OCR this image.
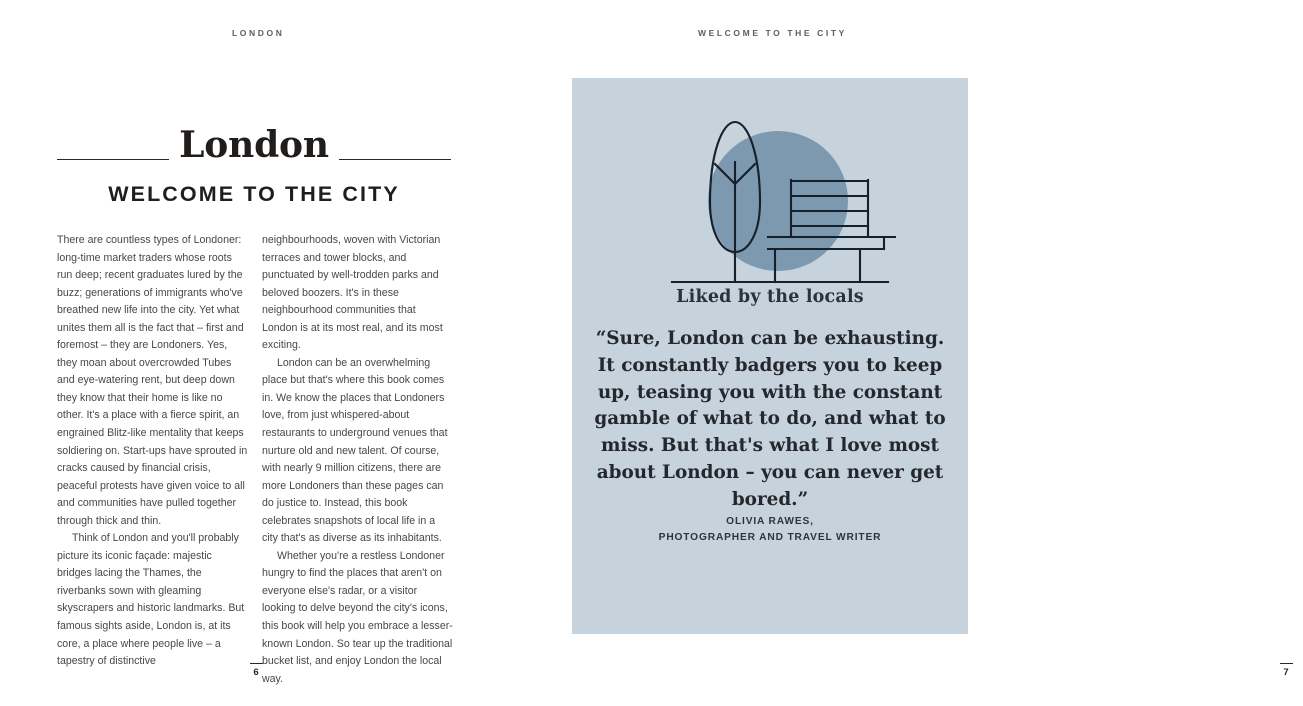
LONDON	WELCOME TO THE CITY
London
WELCOME TO THE CITY

There are countless types of Londoner: long-time market traders whose roots run deep; recent graduates lured by the buzz; generations of immigrants who've breathed new life into the city. Yet what unites them all is the fact that – first and foremost – they are Londoners. Yes, they moan about overcrowded Tubes and eye-watering rent, but deep down they know that their home is like no other. It's a place with a fierce spirit, an engrained Blitz-like mentality that keeps soldiering on. Start-ups have sprouted in cracks caused by financial crisis, peaceful protests have given voice to all and communities have pulled together through thick and thin.

Think of London and you'll probably picture its iconic façade: majestic bridges lacing the Thames, the riverbanks sown with gleaming skyscrapers and historic landmarks. But famous sights aside, London is, at its core, a place where people live – a tapestry of distinctive

neighbourhoods, woven with Victorian terraces and tower blocks, and punctuated by well-trodden parks and beloved boozers. It's in these neighbourhood communities that London is at its most real, and its most exciting.

London can be an overwhelming place but that's where this book comes in. We know the places that Londoners love, from just whispered-about restaurants to underground venues that nurture old and new talent. Of course, with nearly 9 million citizens, there are more Londoners than these pages can do justice to. Instead, this book celebrates snapshots of local life in a city that's as diverse as its inhabitants.

Whether you're a restless Londoner hungry to find the places that aren't on everyone else's radar, or a visitor looking to delve beyond the city's icons, this book will help you embrace a lesser-known London. So tear up the traditional bucket list, and enjoy London the local way.

6
Liked by the locals

“Sure, London can be exhausting. It constantly badgers you to keep up, teasing you with the constant gamble of what to do, and what to miss. But that's what I love most about London – you can never get bored.”

OLIVIA RAWES,
PHOTOGRAPHER AND TRAVEL WRITER
7
